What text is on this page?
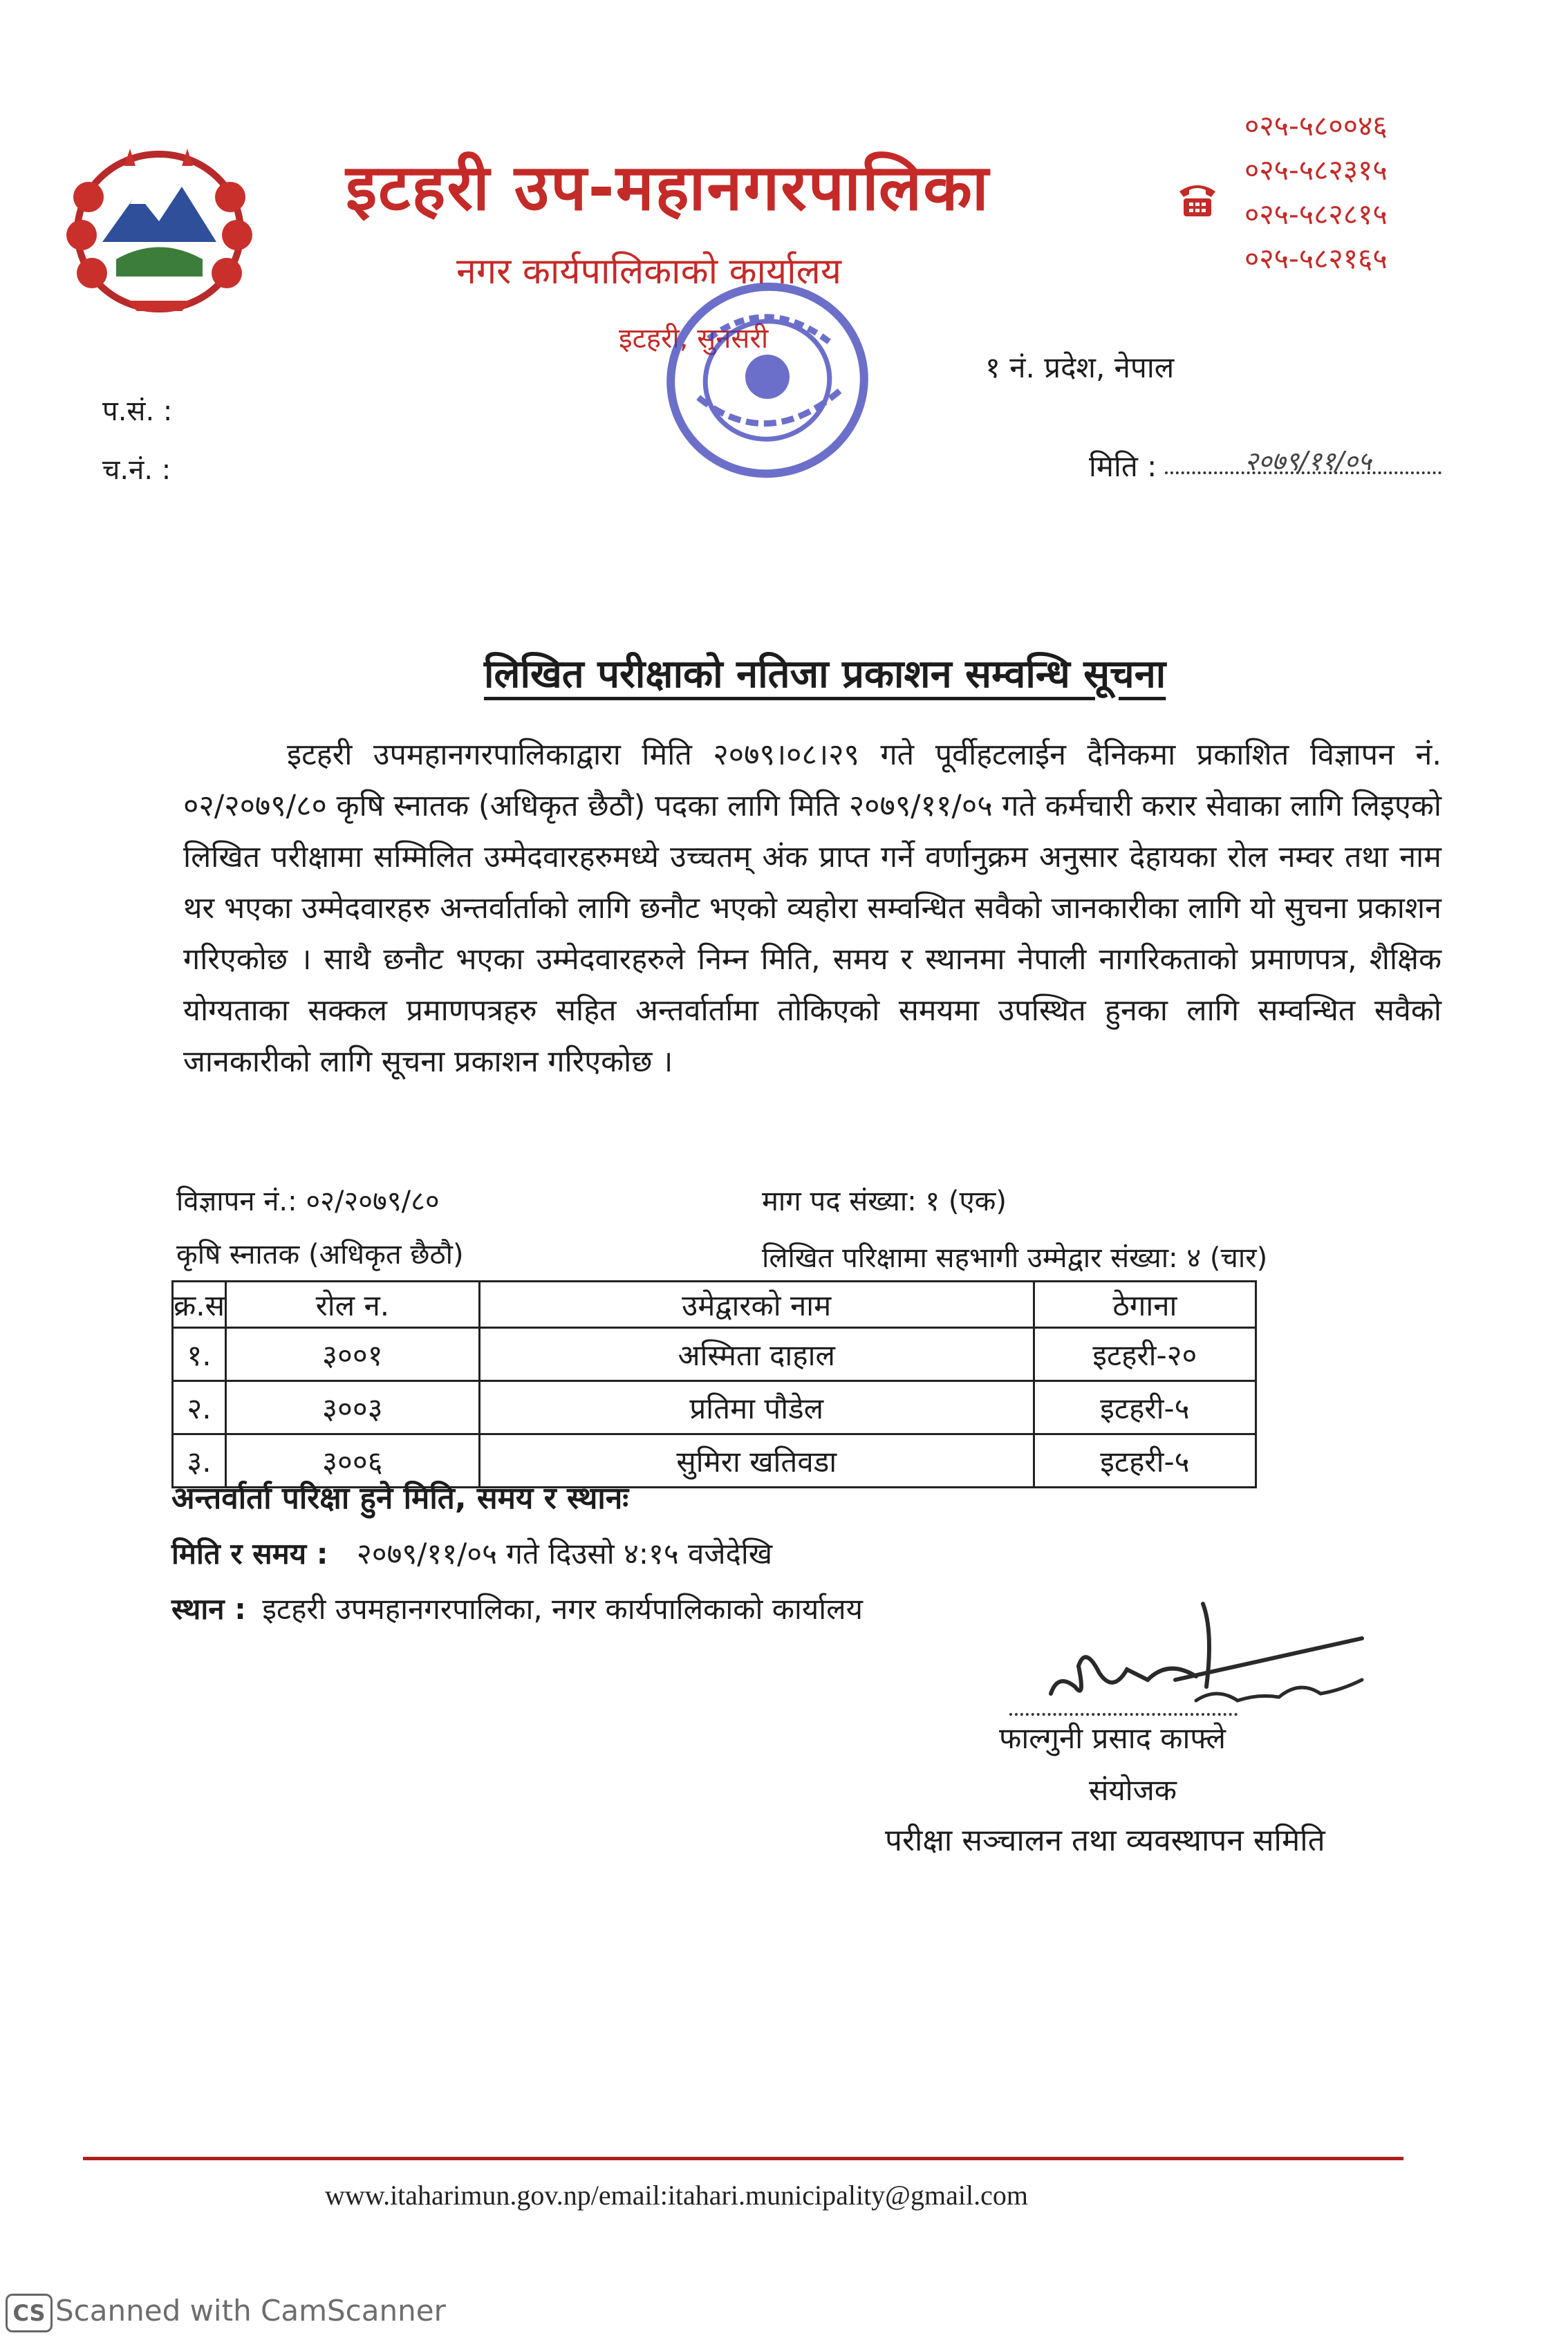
इटहरी उप-महानगरपालिका
नगर कार्यपालिकाको कार्यालय
इटहरी, सुनसरी
१ नं. प्रदेश, नेपाल
०२५-५८००४६
०२५-५८२३१५
०२५-५८२८१५
०२५-५८२१६५
प.सं. :
च.नं. :	मिति :	२०७९/११/०५
लिखित परीक्षाको नतिजा प्रकाशन सम्वन्धि सूचना
इटहरी उपमहानगरपालिकाद्वारा मिति २०७९।०८।२९ गते पूर्वीहटलाईन दैनिकमा प्रकाशित विज्ञापन नं. ०२/२०७९/८० कृषि स्नातक (अधिकृत छैठौ) पदका लागि मिति २०७९/११/०५ गते कर्मचारी करार सेवाका लागि लिइएको लिखित परीक्षामा सम्मिलित उम्मेदवारहरुमध्ये उच्चतम् अंक प्राप्त गर्ने वर्णानुक्रम अनुसार देहायका रोल नम्वर तथा नाम थर भएका उम्मेदवारहरु अन्तर्वार्ताको लागि छनौट भएको व्यहोरा सम्वन्धित सवैको जानकारीका लागि यो सुचना प्रकाशन गरिएकोछ । साथै छनौट भएका उम्मेदवारहरुले निम्न मिति, समय र स्थानमा नेपाली नागरिकताको प्रमाणपत्र, शैक्षिक योग्यताका सक्कल प्रमाणपत्रहरु सहित अन्तर्वार्तामा तोकिएको समयमा उपस्थित हुनका लागि सम्वन्धित सवैको जानकारीको लागि सूचना प्रकाशन गरिएकोछ ।
विज्ञापन नं.: ०२/२०७९/८०	माग पद संख्या: १ (एक)
कृषि स्नातक (अधिकृत छैठौ)	लिखित परिक्षामा सहभागी उम्मेद्वार संख्या: ४ (चार)
क्र.स	रोल न.	उमेद्वारको नाम	ठेगाना
१.	३००१	अस्मिता दाहाल	इटहरी-२०
२.	३००३	प्रतिमा पौडेल	इटहरी-५
३.	३००६	सुमिरा खतिवडा	इटहरी-५
अन्तर्वार्ता परिक्षा हुने मिति, समय र स्थानः
मिति र समय : २०७९/११/०५ गते दिउसो ४:१५ वजेदेखि
स्थान : इटहरी उपमहानगरपालिका, नगर कार्यपालिकाको कार्यालय
फाल्गुनी प्रसाद काफ्ले
संयोजक
परीक्षा सञ्चालन तथा व्यवस्थापन समिति
www.itaharimun.gov.np/email:itahari.municipality@gmail.com
CS Scanned with CamScanner
